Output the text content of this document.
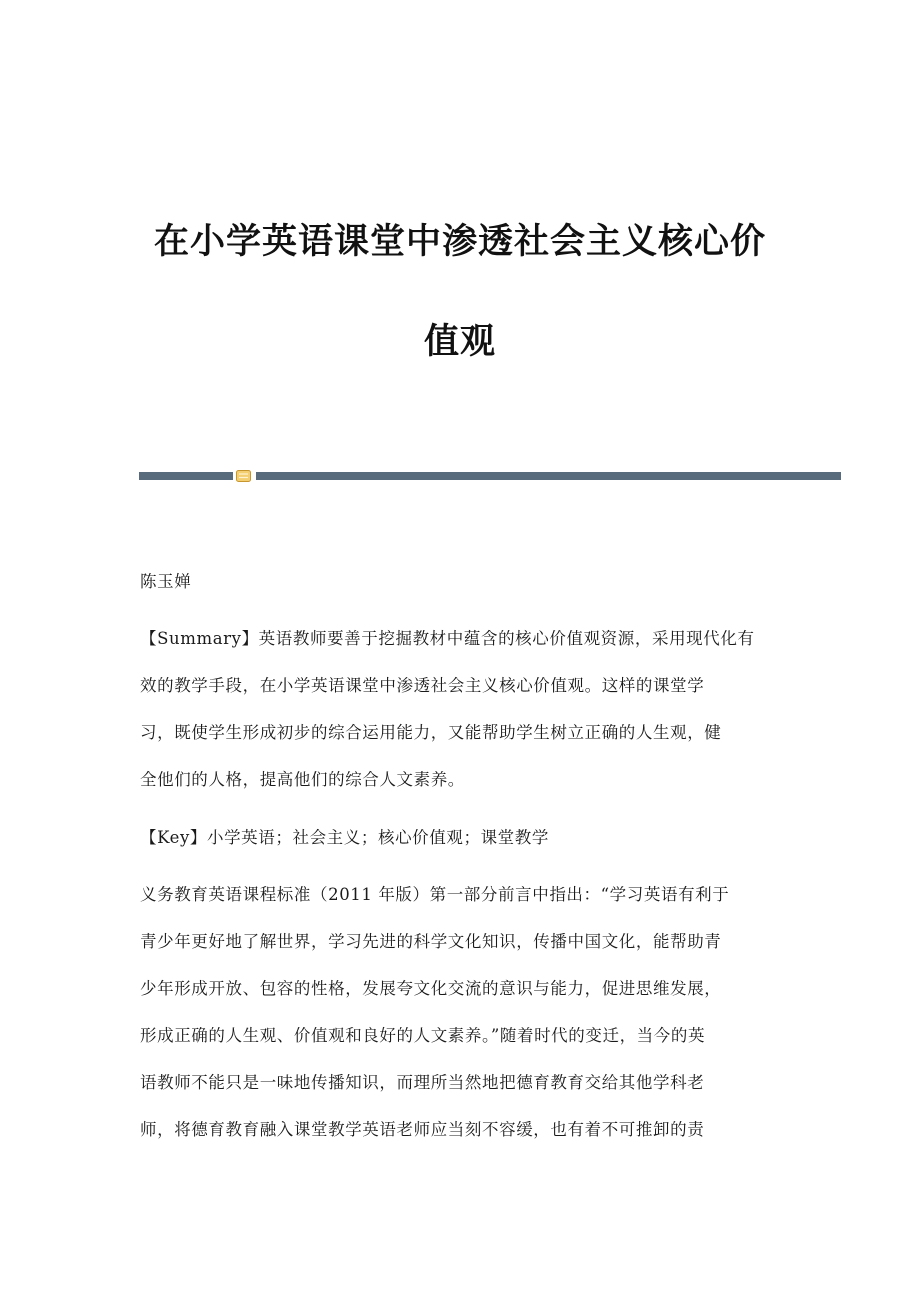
在小学英语课堂中渗透社会主义核心价
值观
陈玉婵
【Summary】英语教师要善于挖掘教材中蕴含的核心价值观资源，采用现代化有
效的教学手段，在小学英语课堂中渗透社会主义核心价值观。这样的课堂学
习，既使学生形成初步的综合运用能力，又能帮助学生树立正确的人生观，健
全他们的人格，提高他们的综合人文素养。
【Key】小学英语；社会主义；核心价值观；课堂教学
义务教育英语课程标准（2011 年版）第一部分前言中指出：“学习英语有利于
青少年更好地了解世界，学习先进的科学文化知识，传播中国文化，能帮助青
少年形成开放、包容的性格，发展夸文化交流的意识与能力，促进思维发展，
形成正确的人生观、价值观和良好的人文素养。”随着时代的变迁，当今的英
语教师不能只是一味地传播知识，而理所当然地把德育教育交给其他学科老
师，将德育教育融入课堂教学英语老师应当刻不容缓，也有着不可推卸的责
